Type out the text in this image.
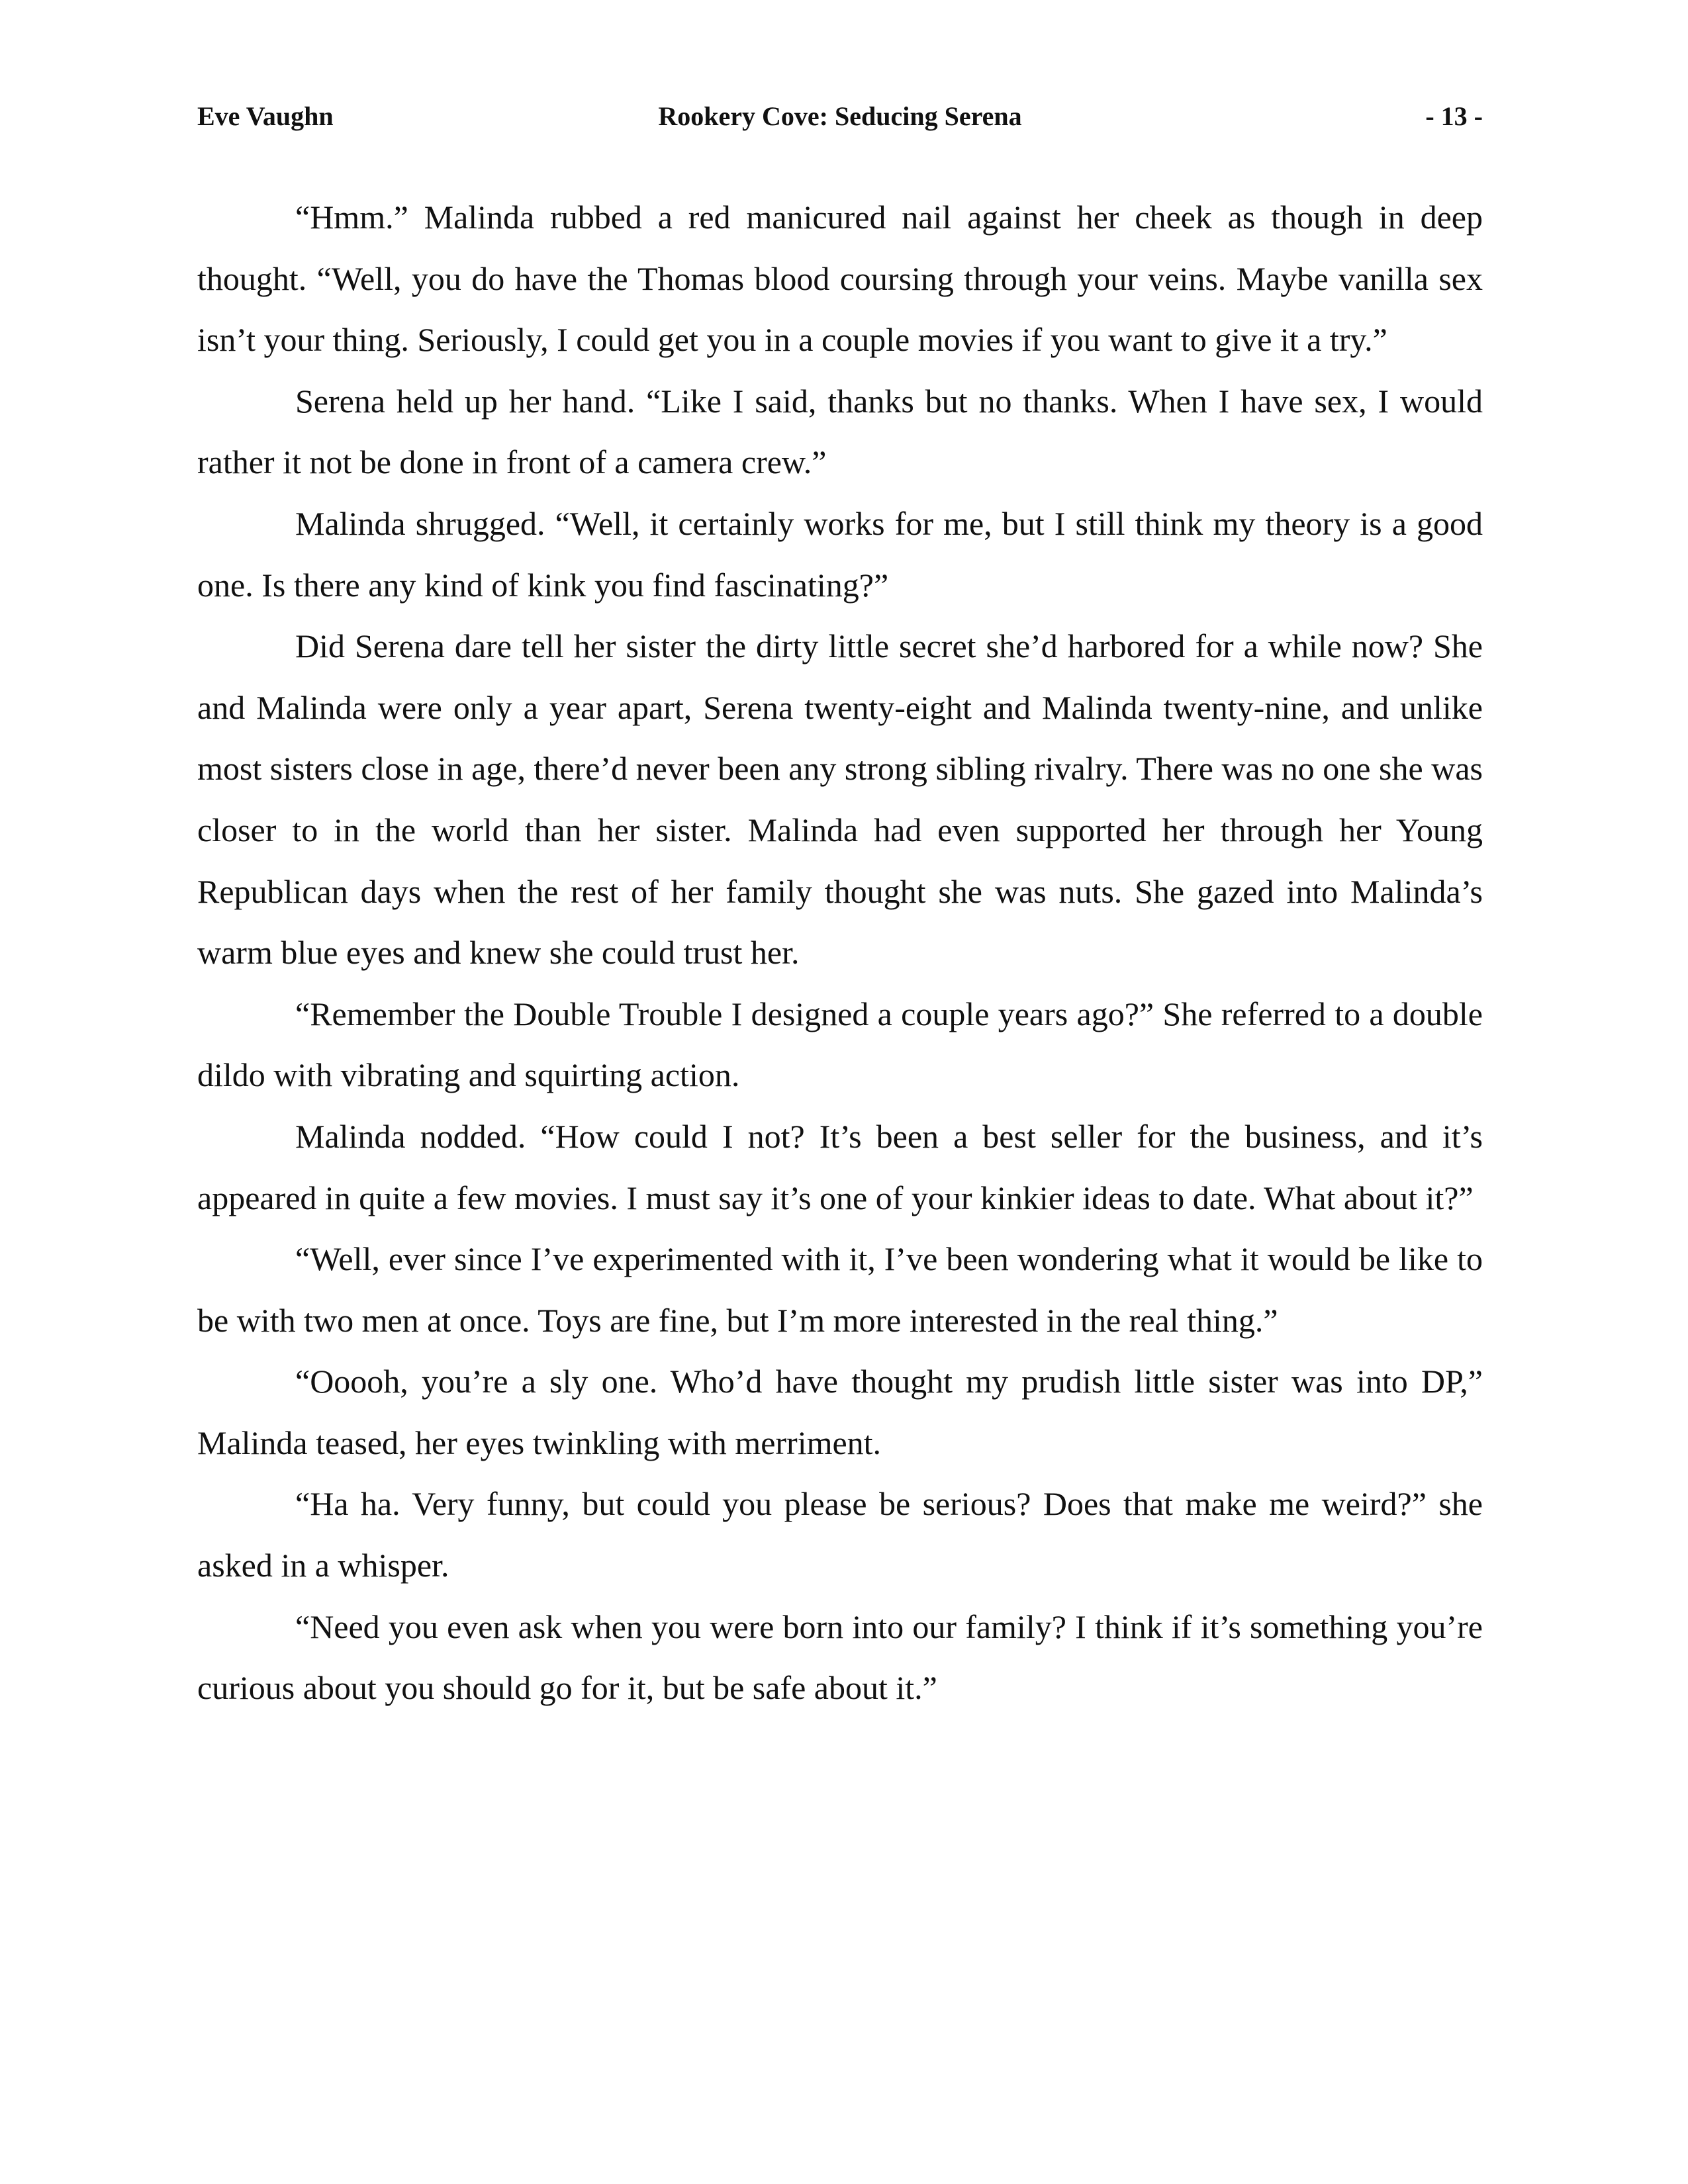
Eve Vaughn	Rookery Cove: Seducing Serena	- 13 -

“Hmm.” Malinda rubbed a red manicured nail against her cheek as though in deep thought. “Well, you do have the Thomas blood coursing through your veins. Maybe vanilla sex isn’t your thing. Seriously, I could get you in a couple movies if you want to give it a try.”

Serena held up her hand. “Like I said, thanks but no thanks. When I have sex, I would rather it not be done in front of a camera crew.”

Malinda shrugged. “Well, it certainly works for me, but I still think my theory is a good one. Is there any kind of kink you find fascinating?”

Did Serena dare tell her sister the dirty little secret she’d harbored for a while now? She and Malinda were only a year apart, Serena twenty-eight and Malinda twenty-nine, and unlike most sisters close in age, there’d never been any strong sibling rivalry. There was no one she was closer to in the world than her sister. Malinda had even supported her through her Young Republican days when the rest of her family thought she was nuts. She gazed into Malinda’s warm blue eyes and knew she could trust her.

“Remember the Double Trouble I designed a couple years ago?” She referred to a double dildo with vibrating and squirting action.

Malinda nodded. “How could I not? It’s been a best seller for the business, and it’s appeared in quite a few movies. I must say it’s one of your kinkier ideas to date. What about it?”

“Well, ever since I’ve experimented with it, I’ve been wondering what it would be like to be with two men at once. Toys are fine, but I’m more interested in the real thing.”

“Ooooh, you’re a sly one. Who’d have thought my prudish little sister was into DP,” Malinda teased, her eyes twinkling with merriment.

“Ha ha. Very funny, but could you please be serious? Does that make me weird?” she asked in a whisper.

“Need you even ask when you were born into our family? I think if it’s something you’re curious about you should go for it, but be safe about it.”
